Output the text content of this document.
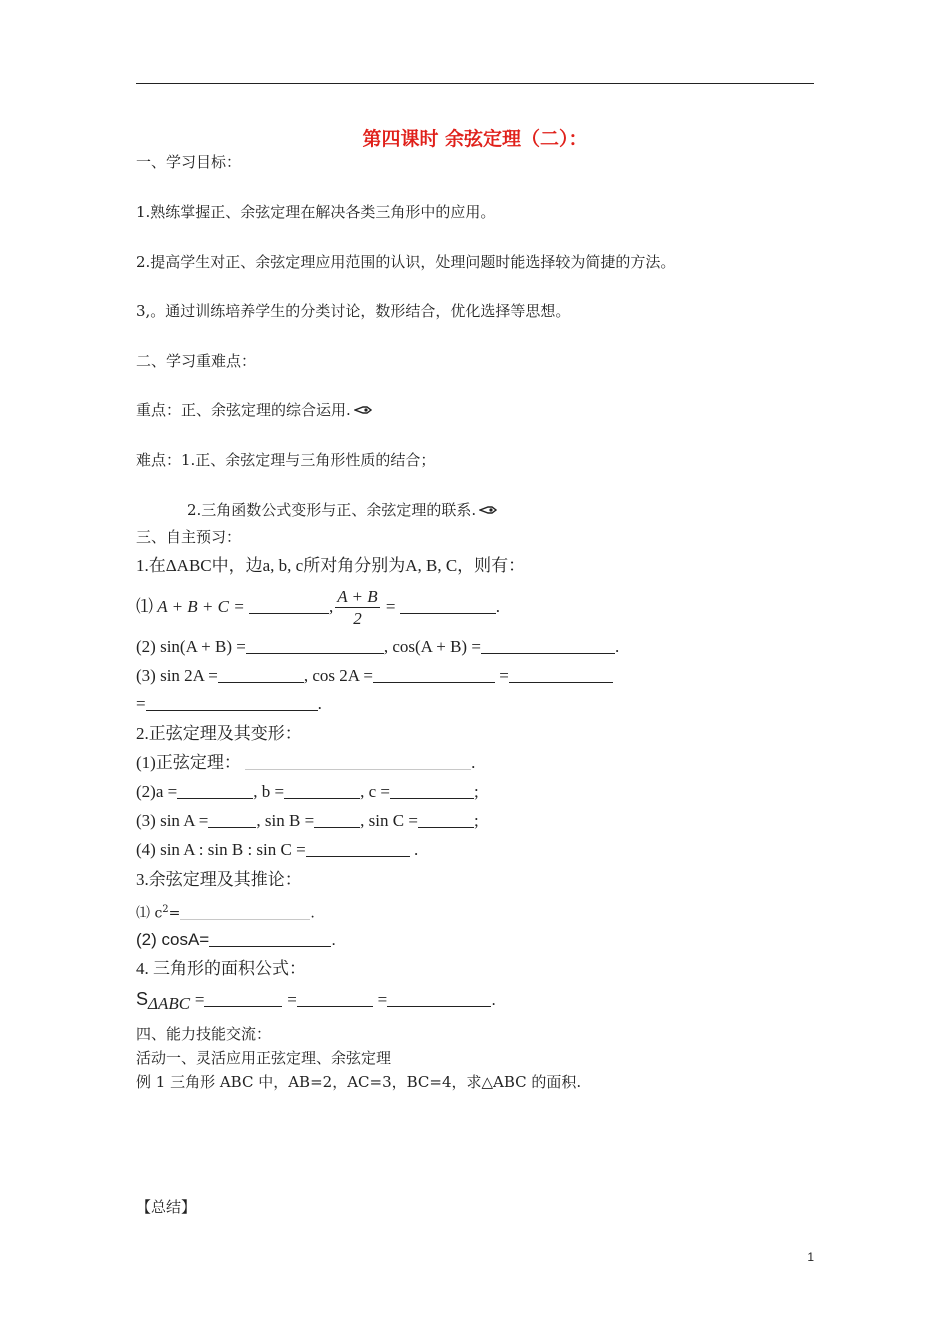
第四课时 余弦定理（二）：
一、学习目标：
1.熟练掌握正、余弦定理在解决各类三角形中的应用。
2.提高学生对正、余弦定理应用范围的认识，处理问题时能选择较为简捷的方法。
3,。通过训练培养学生的分类讨论，数形结合，优化选择等思想。
二、学习重难点：
重点：正、余弦定理的综合运用.
难点：1.正、余弦定理与三角形性质的结合；
2.三角函数公式变形与正、余弦定理的联系.
三、自主预习：
1.在ΔABC中，边a, b, c所对角分别为A, B, C，则有：
⑴ A + B + C =	, $\frac{A + B}{2}$ =	.
(2) sin(A + B) =	, cos(A + B) =	.
(3) sin 2A =	, cos 2A =	=
=	.
2.正弦定理及其变形：
(1)正弦定理：	.
(2)a =	, b =	, c =	;
(3) sin A =	, sin B =	, sin C =	;
(4) sin A : sin B : sin C =	.
3.余弦定理及其推论：
⑴ $c^2=$	.
(2) cosA=	.
4. 三角形的面积公式：
$S_{\Delta ABC}$ =	=	=	.
四、能力技能交流：
活动一、灵活应用正弦定理、余弦定理
例 1 三角形 ABC 中，AB=2，AC=3，BC=4，求△ABC 的面积.
【总结】
1
